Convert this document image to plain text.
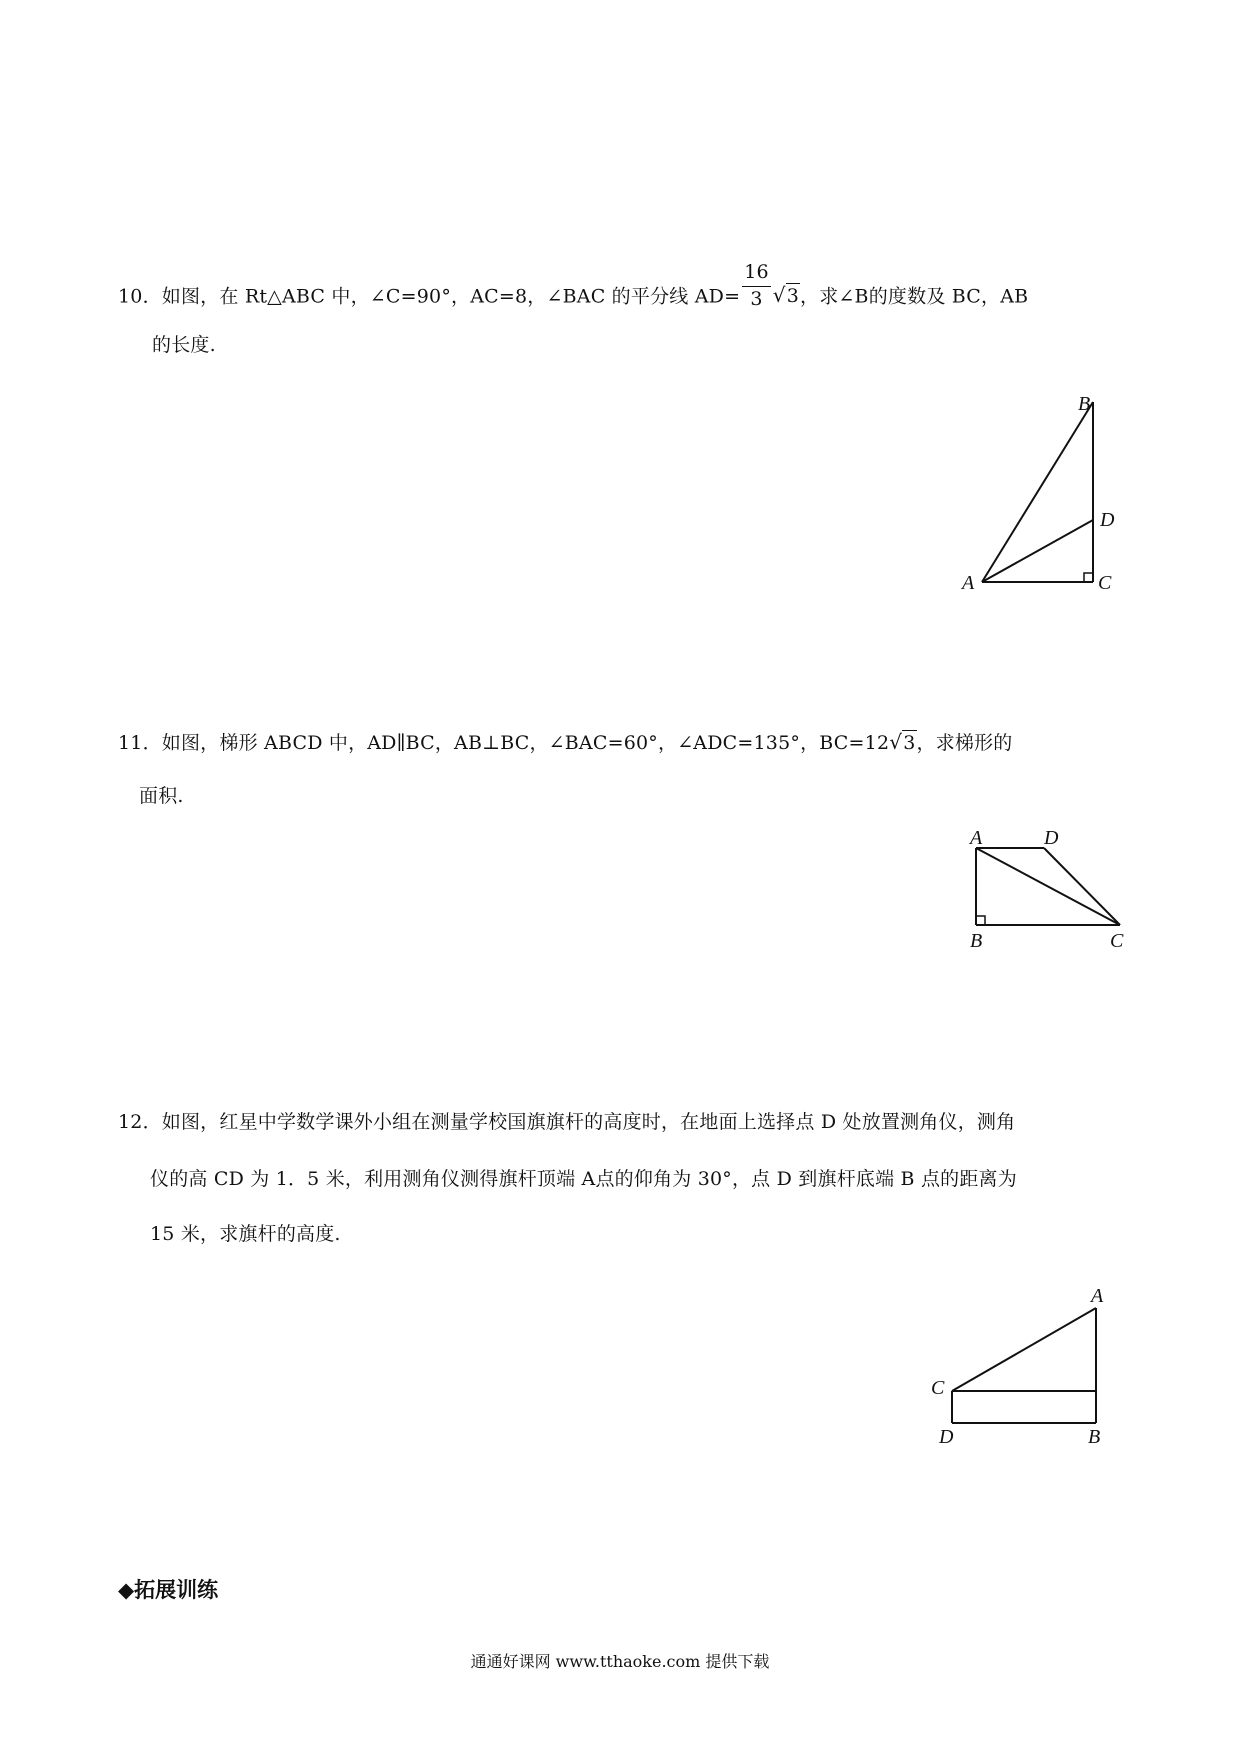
10．如图，在 Rt△ABC 中，∠C=90°，AC=8，∠BAC 的平分线 $AD= \frac{16}{3} √3$，求∠B的度数及 BC，AB
的长度.
B
D
A	C
11．如图，梯形 ABCD 中，AD∥BC，AB⊥BC，∠BAC=60°，∠ADC=135°，BC=12√3，求梯形的
面积.
A	D
B	C
12．如图，红星中学数学课外小组在测量学校国旗旗杆的高度时，在地面上选择点 D 处放置测角仪，测角
仪的高 CD 为 1．5 米，利用测角仪测得旗杆顶端 A点的仰角为 30°，点 D 到旗杆底端 B 点的距离为
15 米，求旗杆的高度.
A
C
D	B
◆拓展训练
通通好课网 www.tthaoke.com 提供下载
